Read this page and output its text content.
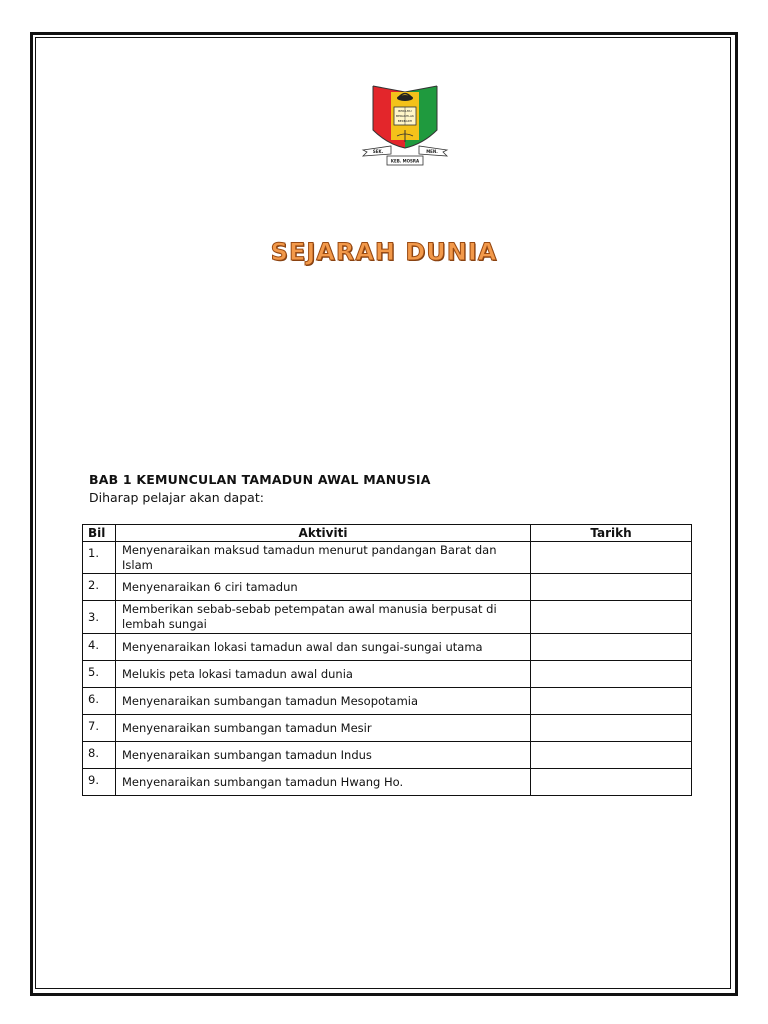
BERILMU
BERAKHLAK
BERBAKTI
SEK.	MEN.
KEB. MOSRA
SEJARAH DUNIA
BAB 1 KEMUNCULAN TAMADUN AWAL MANUSIA
Diharap pelajar akan dapat:
Bil	Aktiviti	Tarikh
1.	Menyenaraikan maksud tamadun menurut pandangan Barat dan Islam	
2.	Menyenaraikan 6 ciri tamadun	
3.	Memberikan sebab-sebab petempatan awal manusia berpusat di lembah sungai	
4.	Menyenaraikan lokasi tamadun awal dan sungai-sungai utama	
5.	Melukis peta lokasi tamadun awal dunia	
6.	Menyenaraikan sumbangan tamadun Mesopotamia	
7.	Menyenaraikan sumbangan tamadun Mesir	
8.	Menyenaraikan sumbangan tamadun Indus	
9.	Menyenaraikan sumbangan tamadun Hwang Ho.	
